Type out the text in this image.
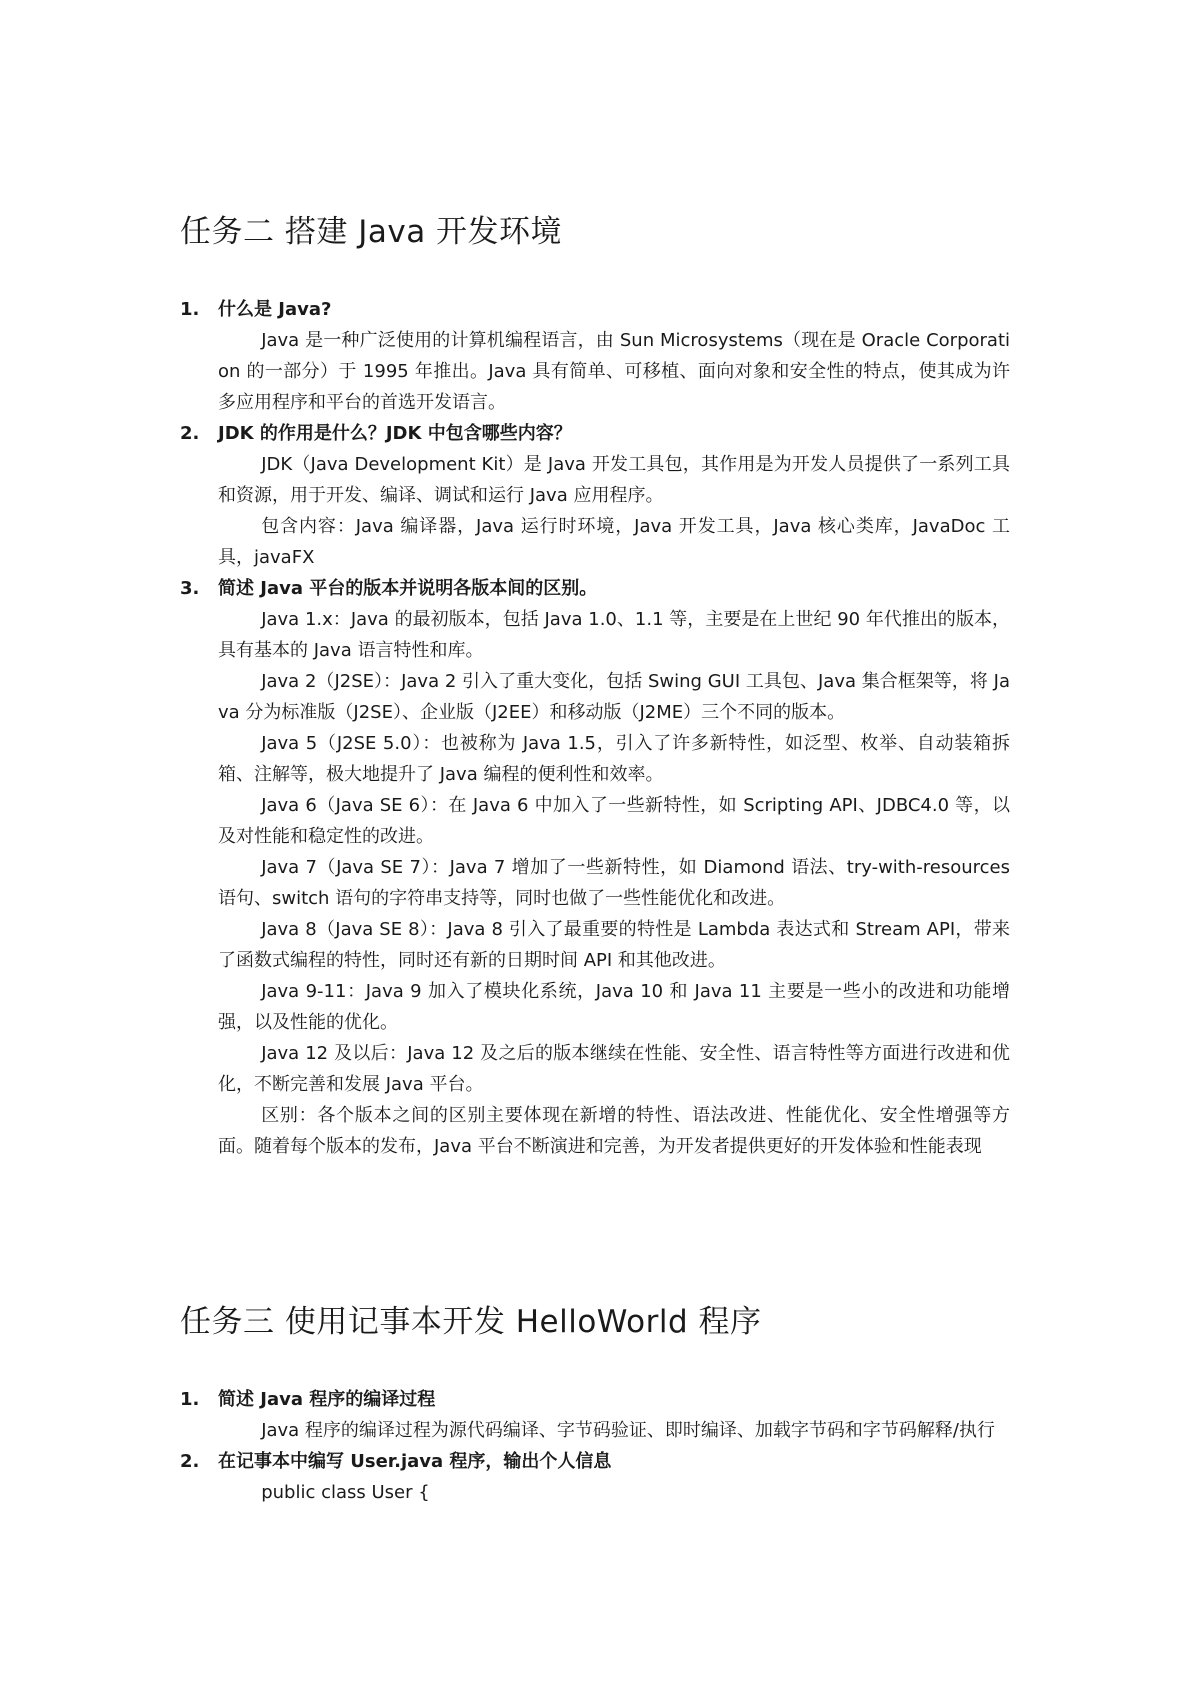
任务二 搭建 Java 开发环境
1. 什么是 Java?

Java 是一种广泛使用的计算机编程语言，由 Sun Microsystems（现在是 Oracle Corporation 的一部分）于 1995 年推出。Java 具有简单、可移植、面向对象和安全性的特点，使其成为许多应用程序和平台的首选开发语言。

2. JDK 的作用是什么？JDK 中包含哪些内容？

JDK（Java Development Kit）是 Java 开发工具包，其作用是为开发人员提供了一系列工具和资源，用于开发、编译、调试和运行 Java 应用程序。

包含内容：Java 编译器，Java 运行时环境，Java 开发工具，Java 核心类库，JavaDoc 工具，javaFX

3. 简述 Java 平台的版本并说明各版本间的区别。

Java 1.x：Java 的最初版本，包括 Java 1.0、1.1 等，主要是在上世纪 90 年代推出的版本，具有基本的 Java 语言特性和库。

Java 2（J2SE）：Java 2 引入了重大变化，包括 Swing GUI 工具包、Java 集合框架等，将 Java 分为标准版（J2SE）、企业版（J2EE）和移动版（J2ME）三个不同的版本。

Java 5（J2SE 5.0）：也被称为 Java 1.5，引入了许多新特性，如泛型、枚举、自动装箱拆箱、注解等，极大地提升了 Java 编程的便利性和效率。

Java 6（Java SE 6）：在 Java 6 中加入了一些新特性，如 Scripting API、JDBC4.0 等，以及对性能和稳定性的改进。

Java 7（Java SE 7）：Java 7 增加了一些新特性，如 Diamond 语法、try-with-resources 语句、switch 语句的字符串支持等，同时也做了一些性能优化和改进。

Java 8（Java SE 8）：Java 8 引入了最重要的特性是 Lambda 表达式和 Stream API，带来了函数式编程的特性，同时还有新的日期时间 API 和其他改进。

Java 9-11：Java 9 加入了模块化系统，Java 10 和 Java 11 主要是一些小的改进和功能增强，以及性能的优化。

Java 12 及以后：Java 12 及之后的版本继续在性能、安全性、语言特性等方面进行改进和优化，不断完善和发展 Java 平台。

区别：各个版本之间的区别主要体现在新增的特性、语法改进、性能优化、安全性增强等方面。随着每个版本的发布，Java 平台不断演进和完善，为开发者提供更好的开发体验和性能表现

任务三 使用记事本开发 HelloWorld 程序
1. 简述 Java 程序的编译过程

Java 程序的编译过程为源代码编译、字节码验证、即时编译、加载字节码和字节码解释/执行

2. 在记事本中编写 User.java 程序，输出个人信息

public class User {
